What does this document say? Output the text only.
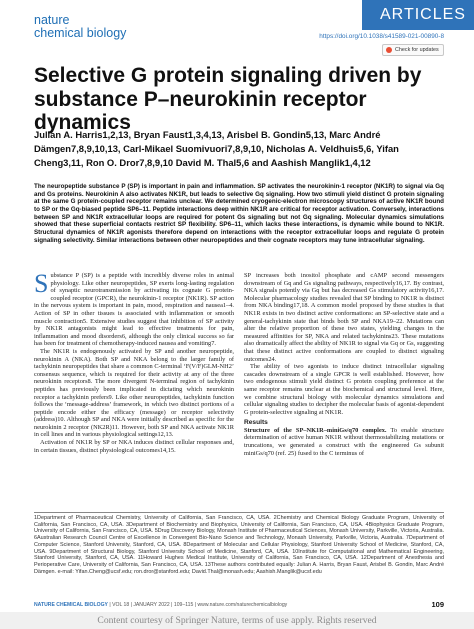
nature
chemical biology
ARTICLES
https://doi.org/10.1038/s41589-021-00890-8
Check for updates
Selective G protein signaling driven by substance P–neurokinin receptor dynamics
Julian A. Harris1,2,13, Bryan Faust1,3,4,13, Arisbel B. Gondin5,13, Marc André Dämgen7,8,9,10,13, Carl-Mikael Suomivuori7,8,9,10, Nicholas A. Veldhuis5,6, Yifan Cheng3,11, Ron O. Dror7,8,9,10 David M. Thal5,6 and Aashish Manglik1,4,12
The neuropeptide substance P (SP) is important in pain and inflammation. SP activates the neurokinin-1 receptor (NK1R) to signal via Gq and Gs proteins. Neurokinin A also activates NK1R, but leads to selective Gq signaling. How two stimuli yield distinct G protein signaling at the same G protein-coupled receptor remains unclear. We determined cryogenic-electron microscopy structures of active NK1R bound to SP or the Gq-biased peptide SP6–11. Peptide interactions deep within NK1R are critical for receptor activation. Conversely, interactions between SP and NK1R extracellular loops are required for potent Gs signaling but not Gq signaling. Molecular dynamics simulations showed that these superficial contacts restrict SP flexibility. SP6–11, which lacks these interactions, is dynamic while bound to NK1R. Structural dynamics of NK1R agonists therefore depend on interactions with the receptor extracellular loops and regulate G protein signaling selectivity. Similar interactions between other neuropeptides and their cognate receptors may tune intracellular signaling.

Substance P (SP) is a peptide with incredibly diverse roles in animal physiology. Like other neuropeptides, SP exerts long-lasting regulation of synaptic neurotransmission by activating its cognate G protein-coupled receptor (GPCR), the neurokinin-1 receptor (NK1R). SP action in the nervous system is important in pain, mood, respiration and nausea1–4. Action of SP in other tissues is associated with inflammation or smooth muscle contraction5. Extensive studies suggest that inhibition of SP activity by NK1R antagonists might lead to effective treatments for pain, inflammation and mood disorders6, although the only clinical success so far has been for treatment of chemotherapy-induced nausea and vomiting7.

The NK1R is endogenously activated by SP and another neuropeptide, neurokinin A (NKA). Both SP and NKA belong to the larger family of tachykinin neuropeptides that share a common C-terminal ‘F(V/F)GLM-NH2’ consensus sequence, which is required for their activity at any of the three neurokinin receptors8. The more divergent N-terminal region of tachykinin peptides has previously been implicated in dictating which neurokinin receptor a tachykinin prefers9. Like other neuropeptides, tachykinin function follows the ‘message-address’ framework, in which two distinct portions of a peptide encode either the efficacy (message) or receptor selectivity (address)10. Although SP and NKA were initially described as specific for the neurokinin 2 receptor (NK2R)11. However, both SP and NKA activate NK1R in cell lines and in various physiological settings12,13.

Activation of NK1R by SP or NKA induces distinct cellular responses and, in certain tissues, distinct physiological outcomes14,15.

SP increases both inositol phosphate and cAMP second messengers downstream of Gq and Gs signaling pathways, respectively16,17. By contrast, NKA signals potently via Gq but has decreased Gs stimulatory activity16,17. Molecular pharmacology studies revealed that SP binding to NK1R is distinct from NKA binding17,18. A common model proposed by these studies is that NK1R exists in two distinct active conformations: an SP-selective state and a general-tachykinin state that binds both SP and NKA19–22. Mutations can alter the relative proportion of these two states, yielding changes in the measured affinities for SP, NKA and related tachykinins23. These mutations also dramatically affect the ability of NK1R to signal via Gq or Gs, suggesting that these distinct active conformations are coupled to distinct signaling outcomes24.

The ability of two agonists to induce distinct intracellular signaling cascades downstream of a single GPCR is well established. However, how two endogenous stimuli yield distinct G protein coupling preference at the same receptor remains unclear at the biochemical and structural level. Here, we combine structural biology with molecular dynamics simulations and cellular signaling studies to decipher the molecular basis of agonist-dependent G protein-selective signaling at NK1R.

Results

Structure of the SP–NK1R–miniGs/q70 complex. To enable structure determination of active human NK1R without thermostabilizing mutations or truncations, we generated a construct with the engineered Gs subunit miniGs/q70 (ref. 25) fused to the C terminus of

1Department of Pharmaceutical Chemistry, University of California, San Francisco, CA, USA. 2Chemistry and Chemical Biology Graduate Program, University of California, San Francisco, CA, USA. 3Department of Biochemistry and Biophysics, University of California, San Francisco, CA, USA. 4Biophysics Graduate Program, University of California, San Francisco, CA, USA. 5Drug Discovery Biology, Monash Institute of Pharmaceutical Sciences, Monash University, Parkville, Victoria, Australia. 6Australian Research Council Centre of Excellence in Convergent Bio-Nano Science and Technology, Monash University, Parkville, Victoria, Australia. 7Department of Computer Science, Stanford University, Stanford, CA, USA. 8Department of Molecular and Cellular Physiology, Stanford University School of Medicine, Stanford, CA, USA. 9Department of Structural Biology, Stanford University School of Medicine, Stanford, CA, USA. 10Institute for Computational and Mathematical Engineering, Stanford University, Stanford, CA, USA. 11Howard Hughes Medical Institute, University of California, San Francisco, CA, USA. 12Department of Anesthesia and Perioperative Care, University of California, San Francisco, CA, USA. 13These authors contributed equally: Julian A. Harris, Bryan Faust, Arisbel B. Gondin, Marc André Dämgen. e-mail: Yifan.Cheng@ucsf.edu; ron.dror@stanford.edu; David.Thal@monash.edu; Aashish.Manglik@ucsf.edu
NATURE CHEMICAL BIOLOGY | VOL 18 | JANUARY 2022 | 109–115 | www.nature.com/naturechemicalbiology	109
Content courtesy of Springer Nature, terms of use apply. Rights reserved
